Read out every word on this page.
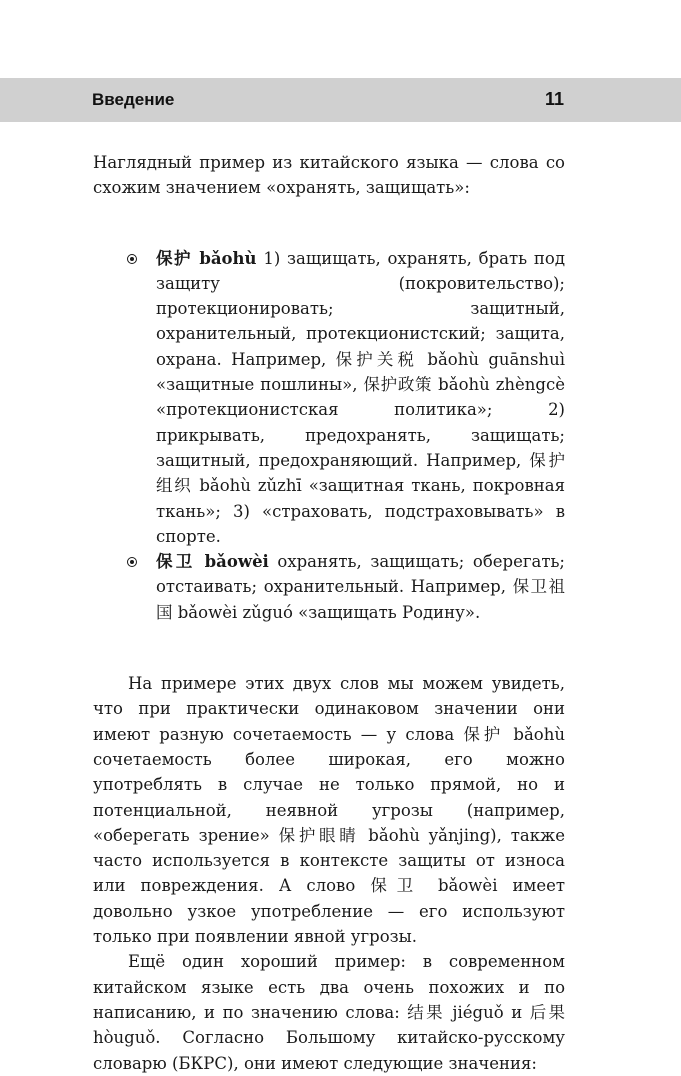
Введение	11

Наглядный пример из китайского языка — слова со схожим значением «охранять, защищать»:

保护 bǎohù 1) защищать, охранять, брать под защиту (покровительство); протекционировать; защитный, охранительный, протекционистский; защита, охрана. Например, 保护关税 bǎohù guānshuì «защитные пошлины», 保护政策 bǎohù zhèngcè «протекционистская политика»; 2) прикрывать, предохранять, защищать; защитный, предохраняющий. Например, 保护组织 bǎohù zǔzhī «защитная ткань, покровная ткань»; 3) «страховать, подстраховывать» в спорте.
保卫 bǎowèi охранять, защищать; оберегать; отстаивать; охранительный. Например, 保卫祖国 bǎowèi zǔguó «защищать Родину».

На примере этих двух слов мы можем увидеть, что при практически одинаковом значении они имеют разную сочетаемость — у слова 保护 bǎohù сочетаемость более широкая, его можно употреблять в случае не только прямой, но и потенциальной, неявной угрозы (например, «оберегать зрение» 保护眼睛 bǎohù yǎnjing), также часто используется в контексте защиты от износа или повреждения. А слово 保卫 bǎowèi имеет довольно узкое употребление — его используют только при появлении явной угрозы.

Ещё один хороший пример: в современном китайском языке есть два очень похожих и по написанию, и по значению слова: 结果 jiéguǒ и 后果 hòuguǒ. Согласно Большому китайско-русскому словарю (БКРС), они имеют следующие значения:
